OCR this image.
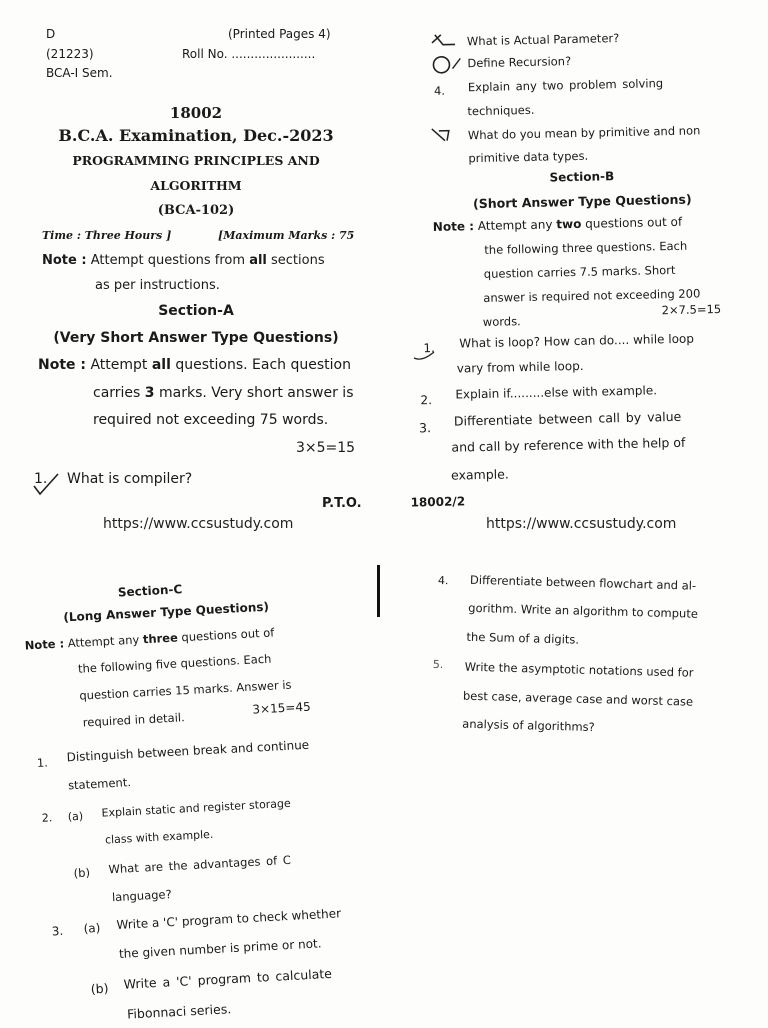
D	(Printed Pages 4)
(21223)	Roll No. ......................
BCA-I Sem.
18002
B.C.A. Examination, Dec.-2023
PROGRAMMING PRINCIPLES AND
ALGORITHM
(BCA-102)
Time : Three Hours ]	[Maximum Marks : 75
Note : Attempt questions from all sections
as per instructions.
Section-A
(Very Short Answer Type Questions)
Note : Attempt all questions. Each question
carries 3 marks. Very short answer is
required not exceeding 75 words.
3×5=15
1. What is compiler?
P.T.O.
https://www.ccsustudy.com
What is Actual Parameter?
Define Recursion?
4. Explain any two problem solving
techniques.
What do you mean by primitive and non
primitive data types.
Section-B
(Short Answer Type Questions)
Note : Attempt any two questions out of
the following three questions. Each
question carries 7.5 marks. Short
answer is required not exceeding 200
words.
2×7.5=15
1. What is loop? How can do.... while loop
vary from while loop.
2. Explain if.........else with example.
3. Differentiate between call by value
and call by reference with the help of
example.
18002/2
https://www.ccsustudy.com
Section-C
(Long Answer Type Questions)
Note : Attempt any three questions out of
the following five questions. Each
question carries 15 marks. Answer is
required in detail.
3×15=45
1. Distinguish between break and continue
statement.
2. (a) Explain static and register storage
class with example.
(b) What are the advantages of C
language?
3. (a) Write a 'C' program to check whether
the given number is prime or not.
(b) Write a 'C' program to calculate
Fibonnaci series.
4. Differentiate between flowchart and al-
gorithm. Write an algorithm to compute
the Sum of a digits.
5. Write the asymptotic notations used for
best case, average case and worst case
analysis of algorithms?
